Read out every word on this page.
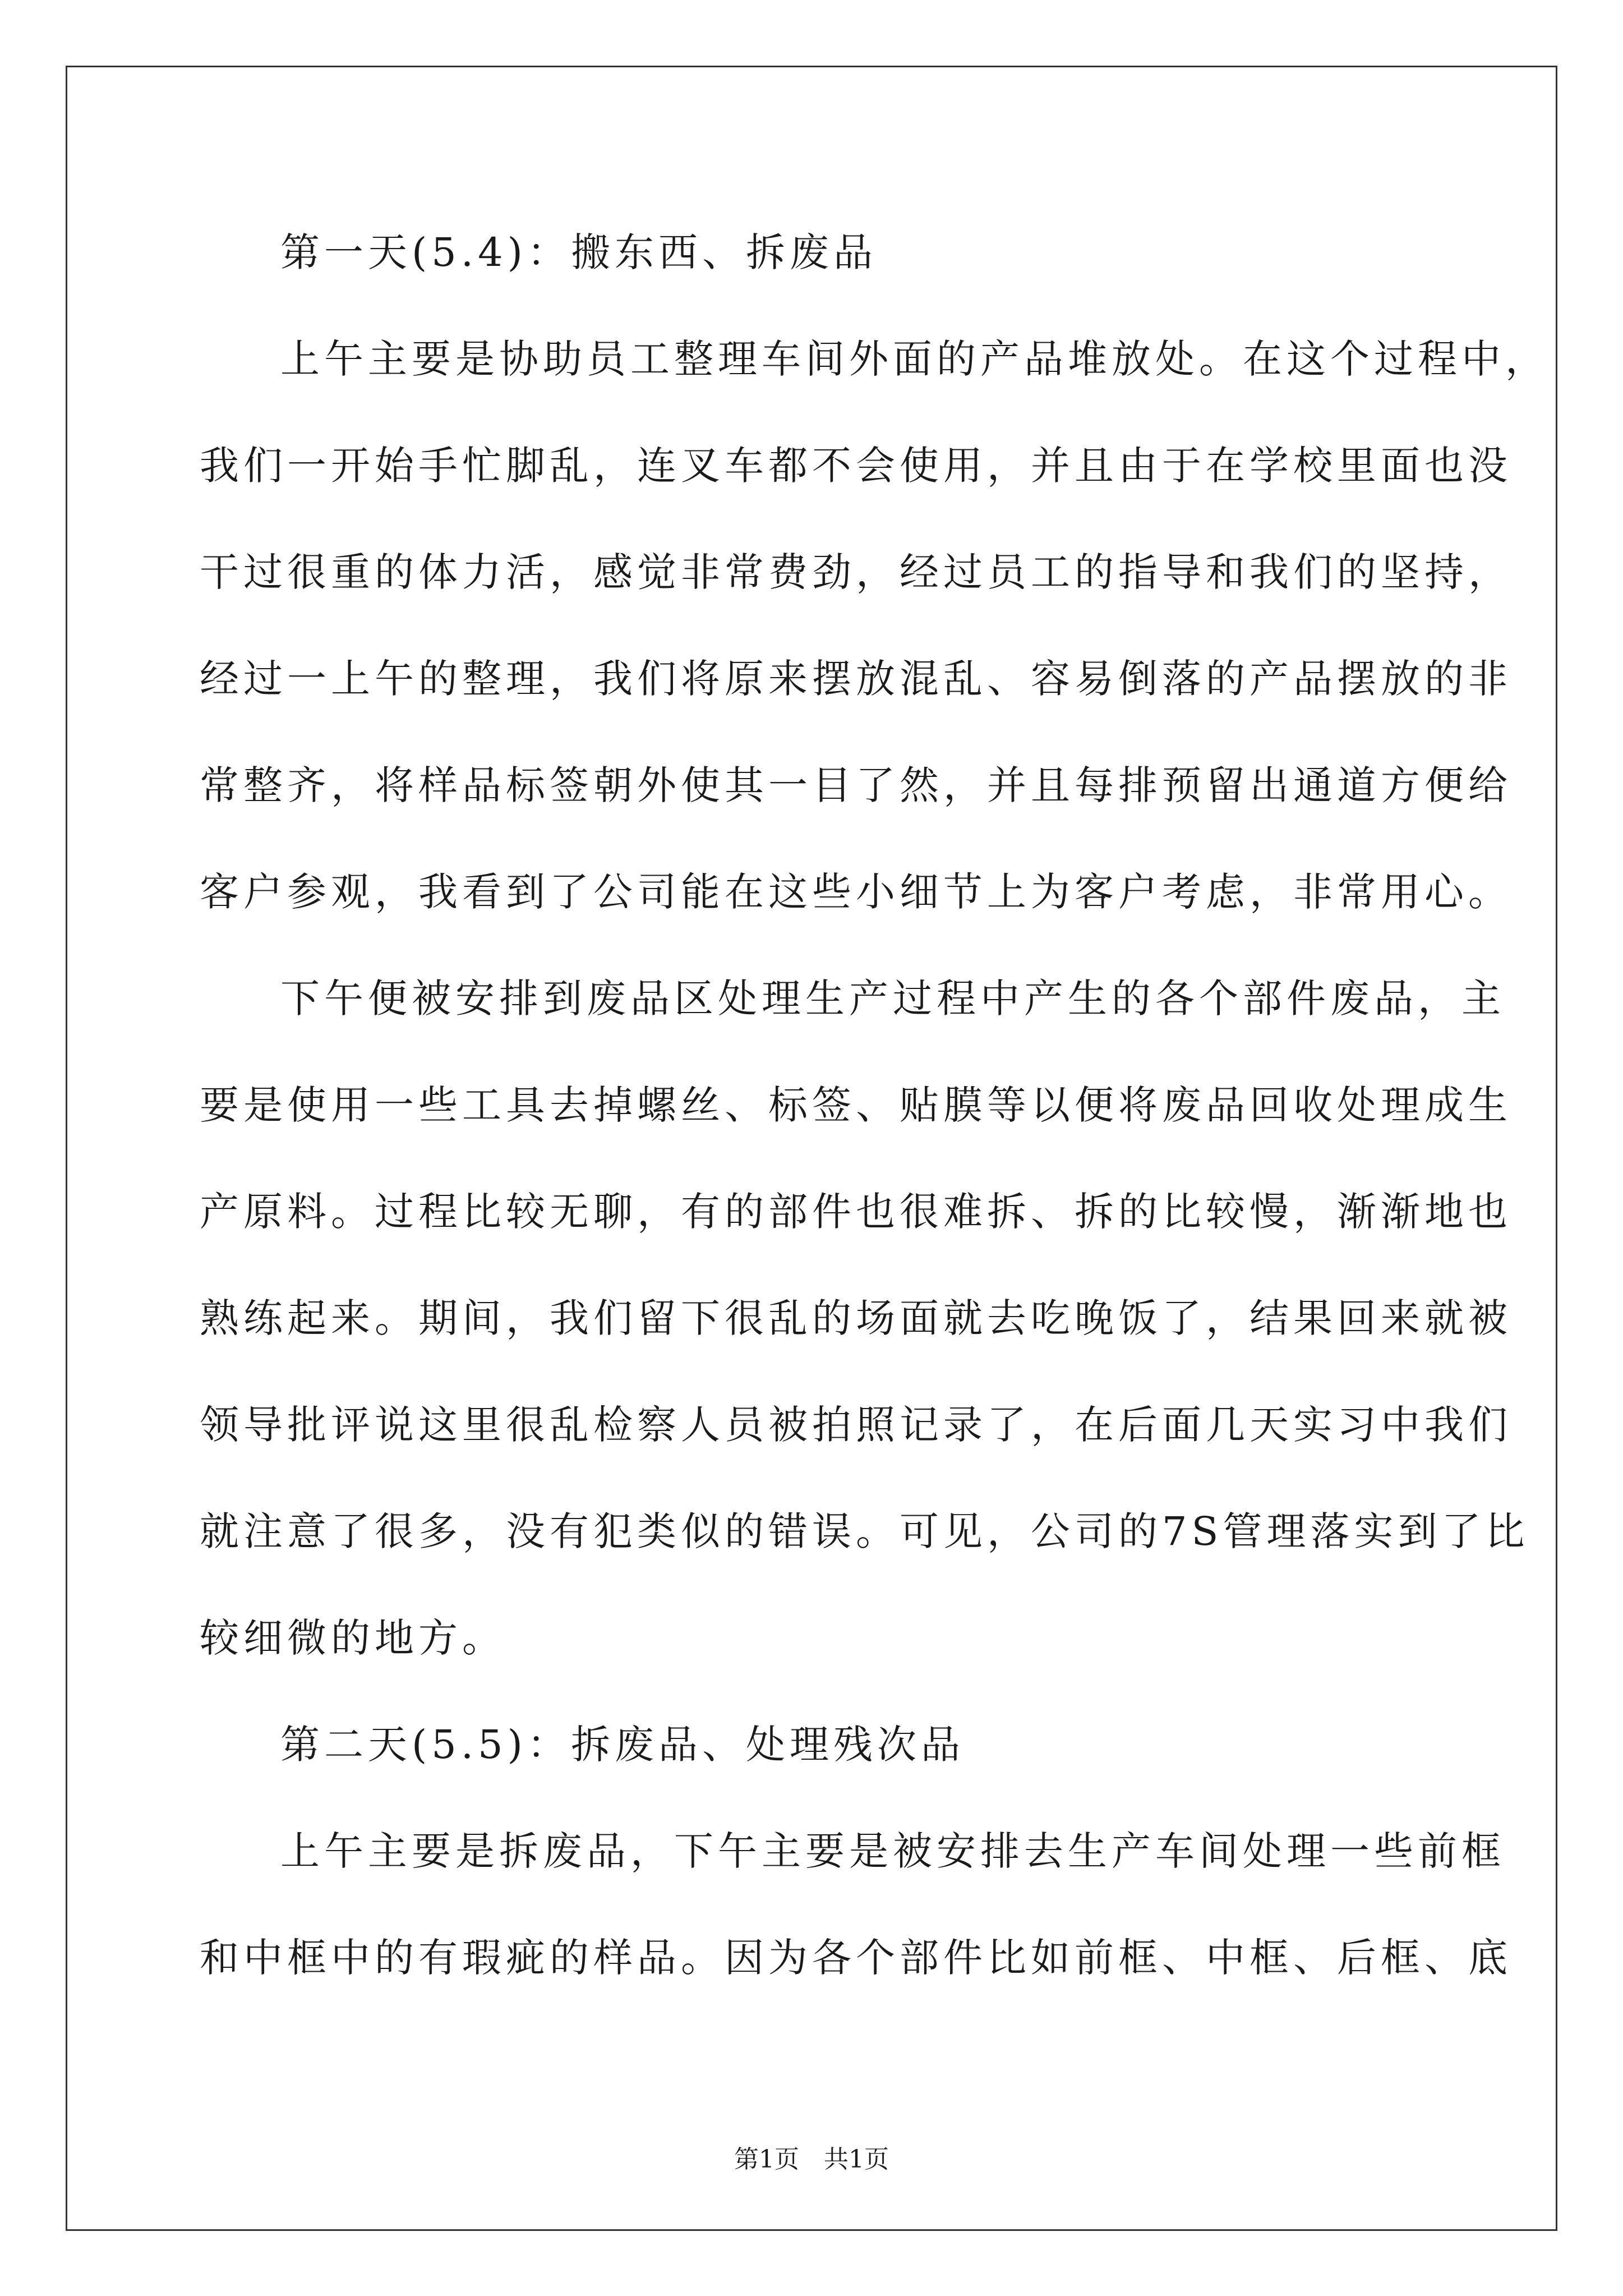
第一天(5.4)：搬东西、拆废品
上午主要是协助员工整理车间外面的产品堆放处。在这个过程中，
我们一开始手忙脚乱，连叉车都不会使用，并且由于在学校里面也没
干过很重的体力活，感觉非常费劲，经过员工的指导和我们的坚持，
经过一上午的整理，我们将原来摆放混乱、容易倒落的产品摆放的非
常整齐，将样品标签朝外使其一目了然，并且每排预留出通道方便给
客户参观，我看到了公司能在这些小细节上为客户考虑，非常用心。
下午便被安排到废品区处理生产过程中产生的各个部件废品，主
要是使用一些工具去掉螺丝、标签、贴膜等以便将废品回收处理成生
产原料。过程比较无聊，有的部件也很难拆、拆的比较慢，渐渐地也
熟练起来。期间，我们留下很乱的场面就去吃晚饭了，结果回来就被
领导批评说这里很乱检察人员被拍照记录了，在后面几天实习中我们
就注意了很多，没有犯类似的错误。可见，公司的7S管理落实到了比
较细微的地方。
第二天(5.5)：拆废品、处理残次品
上午主要是拆废品，下午主要是被安排去生产车间处理一些前框
和中框中的有瑕疵的样品。因为各个部件比如前框、中框、后框、底
第1页　共1页
